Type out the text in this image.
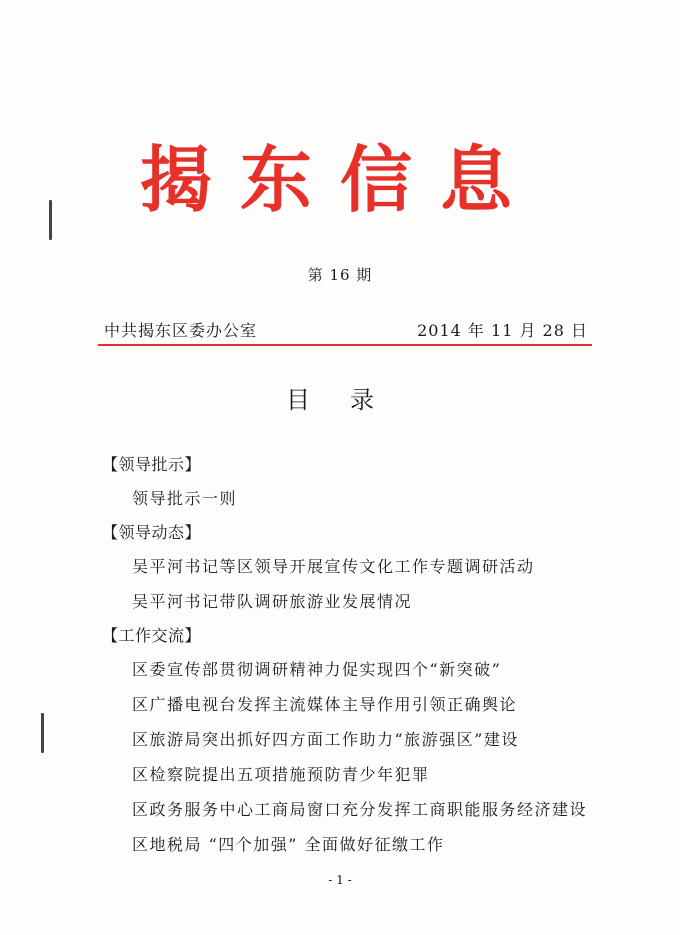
揭东信息
第 16 期
中共揭东区委办公室	2014 年 11 月 28 日
目录
【领导批示】
领导批示一则
【领导动态】
吴平河书记等区领导开展宣传文化工作专题调研活动
吴平河书记带队调研旅游业发展情况
【工作交流】
区委宣传部贯彻调研精神力促实现四个“新突破”
区广播电视台发挥主流媒体主导作用引领正确舆论
区旅游局突出抓好四方面工作助力“旅游强区”建设
区检察院提出五项措施预防青少年犯罪
区政务服务中心工商局窗口充分发挥工商职能服务经济建设
区地税局 “四个加强” 全面做好征缴工作
- 1 -
